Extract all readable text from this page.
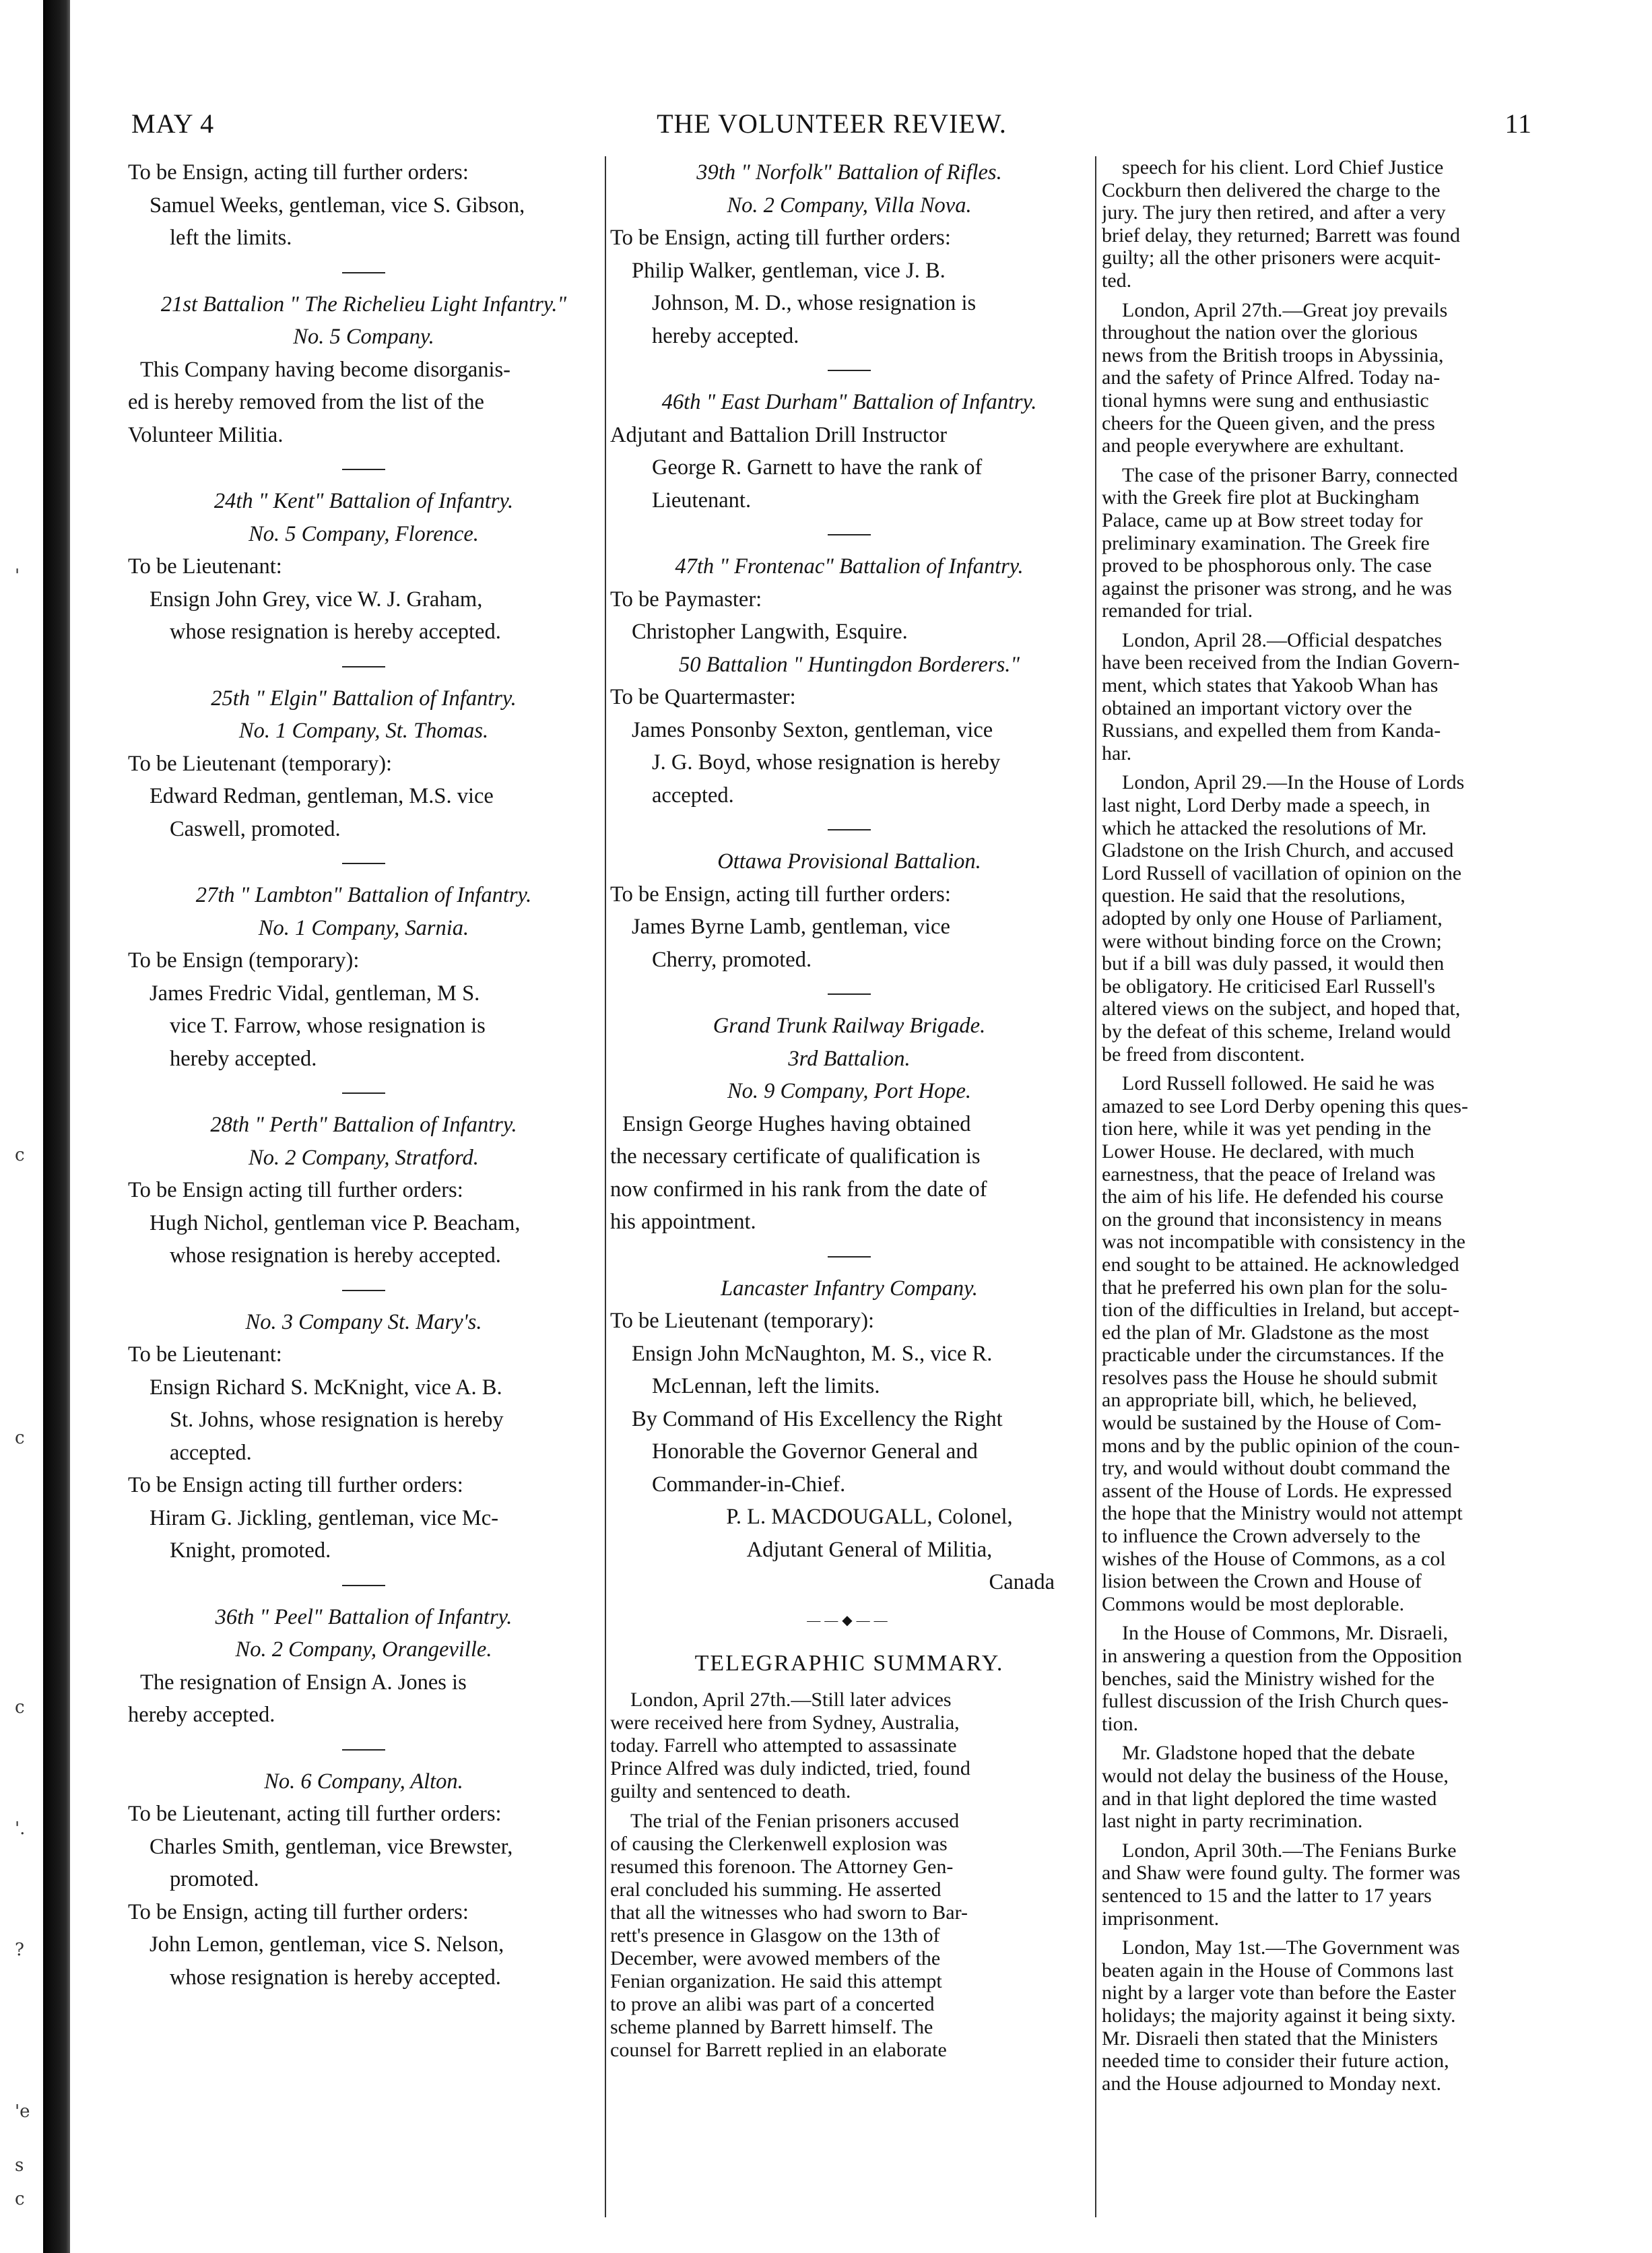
'
c
c
c
'.
?
'e
s
c
MAY 4	THE VOLUNTEER REVIEW.	11
To be Ensign, acting till further orders:
Samuel Weeks, gentleman, vice S. Gibson,
left the limits.
21st Battalion " The Richelieu Light Infantry."
No. 5 Company.
This Company having become disorganis-
ed is hereby removed from the list of the
Volunteer Militia.
24th " Kent" Battalion of Infantry.
No. 5 Company, Florence.
To be Lieutenant:
Ensign John Grey, vice W. J. Graham,
whose resignation is hereby accepted.
25th " Elgin" Battalion of Infantry.
No. 1 Company, St. Thomas.
To be Lieutenant (temporary):
Edward Redman, gentleman, M.S. vice
Caswell, promoted.
27th " Lambton" Battalion of Infantry.
No. 1 Company, Sarnia.
To be Ensign (temporary):
James Fredric Vidal, gentleman, M S.
vice T. Farrow, whose resignation is
hereby accepted.
28th " Perth" Battalion of Infantry.
No. 2 Company, Stratford.
To be Ensign acting till further orders:
Hugh Nichol, gentleman vice P. Beacham,
whose resignation is hereby accepted.
No. 3 Company St. Mary's.
To be Lieutenant:
Ensign Richard S. McKnight, vice A. B.
St. Johns, whose resignation is hereby
accepted.
To be Ensign acting till further orders:
Hiram G. Jickling, gentleman, vice Mc-
Knight, promoted.
36th " Peel" Battalion of Infantry.
No. 2 Company, Orangeville.
The resignation of Ensign A. Jones is
hereby accepted.
No. 6 Company, Alton.
To be Lieutenant, acting till further orders:
Charles Smith, gentleman, vice Brewster,
promoted.
To be Ensign, acting till further orders:
John Lemon, gentleman, vice S. Nelson,
whose resignation is hereby accepted.
39th " Norfolk" Battalion of Rifles.
No. 2 Company, Villa Nova.
To be Ensign, acting till further orders:
Philip Walker, gentleman, vice J. B.
Johnson, M. D., whose resignation is
hereby accepted.
46th " East Durham" Battalion of Infantry.
Adjutant and Battalion Drill Instructor
George R. Garnett to have the rank of
Lieutenant.
47th " Frontenac" Battalion of Infantry.
To be Paymaster:
Christopher Langwith, Esquire.
50 Battalion " Huntingdon Borderers."
To be Quartermaster:
James Ponsonby Sexton, gentleman, vice
J. G. Boyd, whose resignation is hereby
accepted.
Ottawa Provisional Battalion.
To be Ensign, acting till further orders:
James Byrne Lamb, gentleman, vice
Cherry, promoted.
Grand Trunk Railway Brigade.
3rd Battalion.
No. 9 Company, Port Hope.
Ensign George Hughes having obtained
the necessary certificate of qualification is
now confirmed in his rank from the date of
his appointment.
Lancaster Infantry Company.
To be Lieutenant (temporary):
Ensign John McNaughton, M. S., vice R.
McLennan, left the limits.
By Command of His Excellency the Right
Honorable the Governor General and
Commander-in-Chief.
P. L. MACDOUGALL, Colonel,
Adjutant General of Militia,
Canada
——◆——
TELEGRAPHIC SUMMARY.
London, April 27th.—Still later advices
were received here from Sydney, Australia,
today. Farrell who attempted to assassinate
Prince Alfred was duly indicted, tried, found
guilty and sentenced to death.
The trial of the Fenian prisoners accused
of causing the Clerkenwell explosion was
resumed this forenoon. The Attorney Gen-
eral concluded his summing. He asserted
that all the witnesses who had sworn to Bar-
rett's presence in Glasgow on the 13th of
December, were avowed members of the
Fenian organization. He said this attempt
to prove an alibi was part of a concerted
scheme planned by Barrett himself. The
counsel for Barrett replied in an elaborate
speech for his client. Lord Chief Justice
Cockburn then delivered the charge to the
jury. The jury then retired, and after a very
brief delay, they returned; Barrett was found
guilty; all the other prisoners were acquit-
ted.
London, April 27th.—Great joy prevails
throughout the nation over the glorious
news from the British troops in Abyssinia,
and the safety of Prince Alfred. Today na-
tional hymns were sung and enthusiastic
cheers for the Queen given, and the press
and people everywhere are exhultant.
The case of the prisoner Barry, connected
with the Greek fire plot at Buckingham
Palace, came up at Bow street today for
preliminary examination. The Greek fire
proved to be phosphorous only. The case
against the prisoner was strong, and he was
remanded for trial.
London, April 28.—Official despatches
have been received from the Indian Govern-
ment, which states that Yakoob Whan has
obtained an important victory over the
Russians, and expelled them from Kanda-
har.
London, April 29.—In the House of Lords
last night, Lord Derby made a speech, in
which he attacked the resolutions of Mr.
Gladstone on the Irish Church, and accused
Lord Russell of vacillation of opinion on the
question. He said that the resolutions,
adopted by only one House of Parliament,
were without binding force on the Crown;
but if a bill was duly passed, it would then
be obligatory. He criticised Earl Russell's
altered views on the subject, and hoped that,
by the defeat of this scheme, Ireland would
be freed from discontent.
Lord Russell followed. He said he was
amazed to see Lord Derby opening this ques-
tion here, while it was yet pending in the
Lower House. He declared, with much
earnestness, that the peace of Ireland was
the aim of his life. He defended his course
on the ground that inconsistency in means
was not incompatible with consistency in the
end sought to be attained. He acknowledged
that he preferred his own plan for the solu-
tion of the difficulties in Ireland, but accept-
ed the plan of Mr. Gladstone as the most
practicable under the circumstances. If the
resolves pass the House he should submit
an appropriate bill, which, he believed,
would be sustained by the House of Com-
mons and by the public opinion of the coun-
try, and would without doubt command the
assent of the House of Lords. He expressed
the hope that the Ministry would not attempt
to influence the Crown adversely to the
wishes of the House of Commons, as a col
lision between the Crown and House of
Commons would be most deplorable.
In the House of Commons, Mr. Disraeli,
in answering a question from the Opposition
benches, said the Ministry wished for the
fullest discussion of the Irish Church ques-
tion.
Mr. Gladstone hoped that the debate
would not delay the business of the House,
and in that light deplored the time wasted
last night in party recrimination.
London, April 30th.—The Fenians Burke
and Shaw were found gulty. The former was
sentenced to 15 and the latter to 17 years
imprisonment.
London, May 1st.—The Government was
beaten again in the House of Commons last
night by a larger vote than before the Easter
holidays; the majority against it being sixty.
Mr. Disraeli then stated that the Ministers
needed time to consider their future action,
and the House adjourned to Monday next.
